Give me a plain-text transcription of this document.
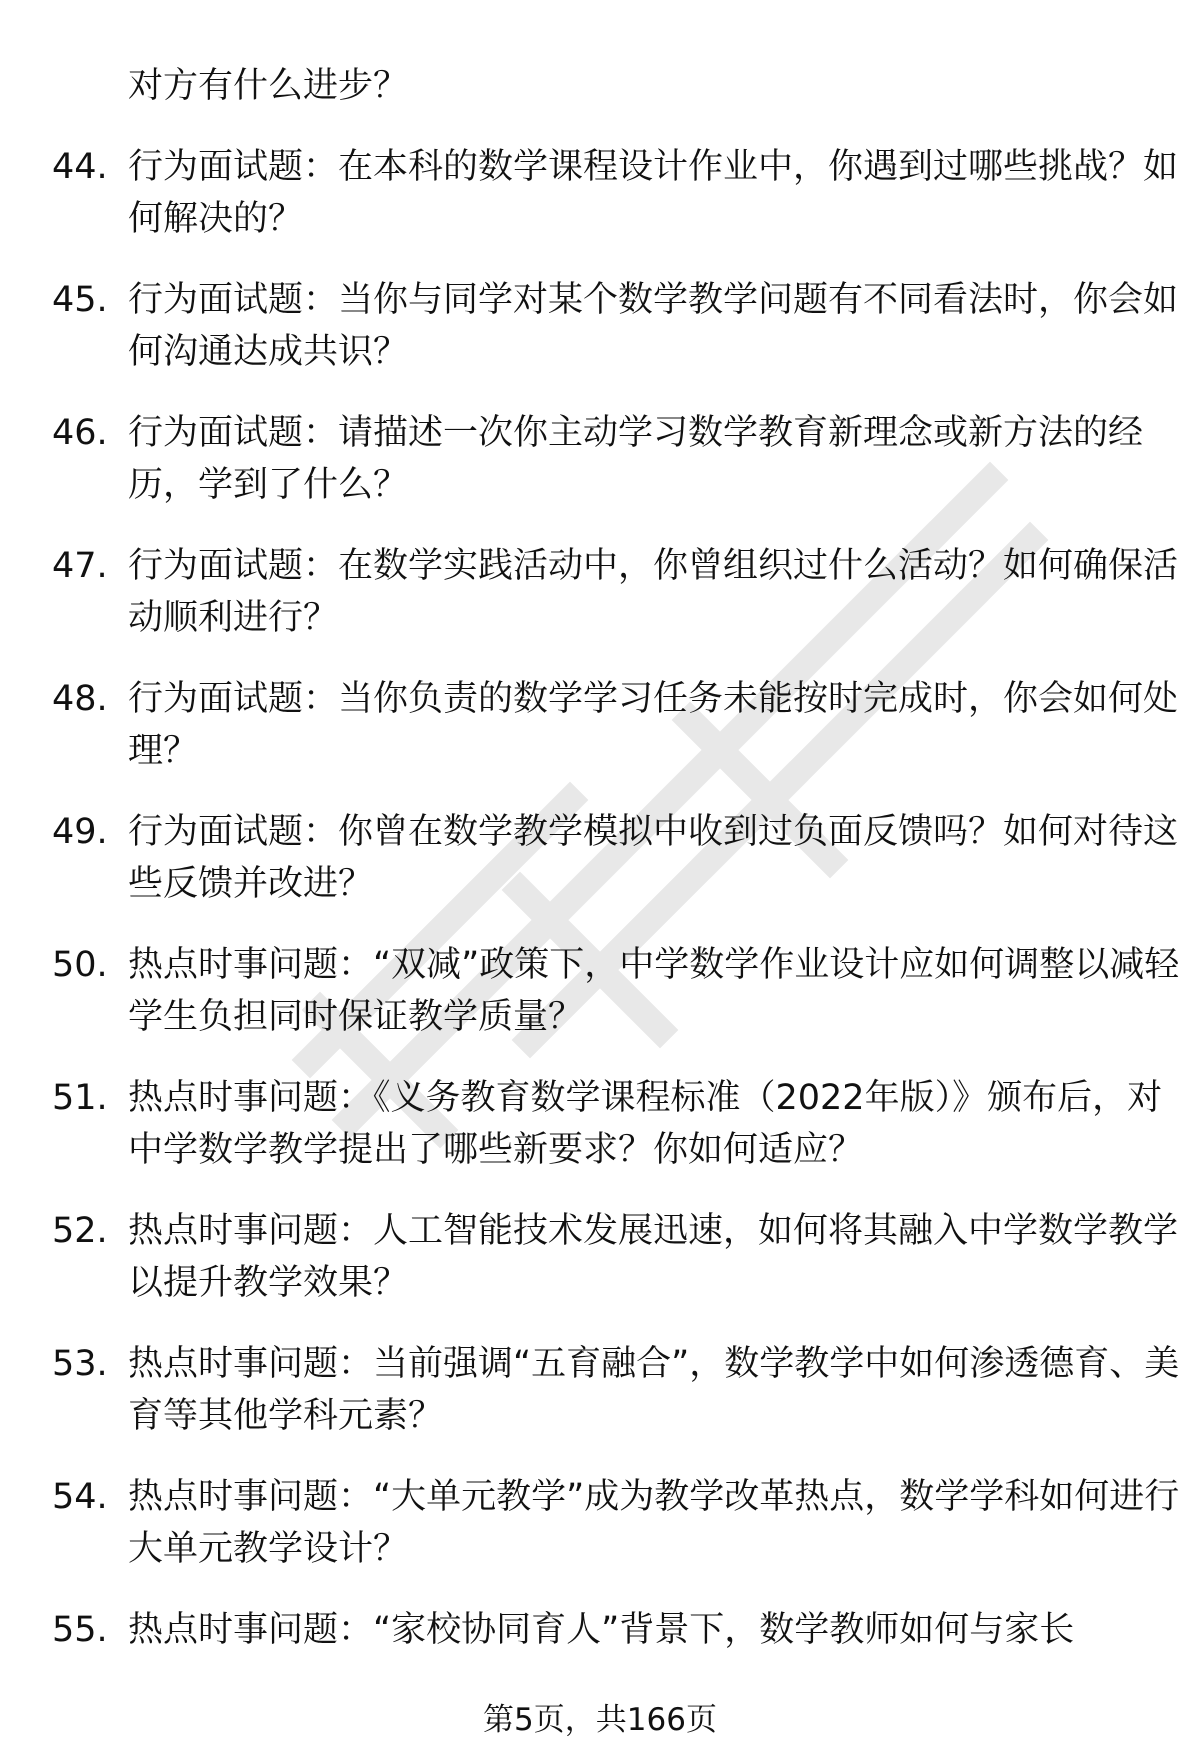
对方有什么进步？
44. 行为面试题：在本科的数学课程设计作业中，你遇到过哪些挑战？如何解决的？
45. 行为面试题：当你与同学对某个数学教学问题有不同看法时，你会如何沟通达成共识？
46. 行为面试题：请描述一次你主动学习数学教育新理念或新方法的经历，学到了什么？
47. 行为面试题：在数学实践活动中，你曾组织过什么活动？如何确保活动顺利进行？
48. 行为面试题：当你负责的数学学习任务未能按时完成时，你会如何处理？
49. 行为面试题：你曾在数学教学模拟中收到过负面反馈吗？如何对待这些反馈并改进？
50. 热点时事问题：“双减”政策下，中学数学作业设计应如何调整以减轻学生负担同时保证教学质量？
51. 热点时事问题：《义务教育数学课程标准（2022年版）》颁布后，对中学数学教学提出了哪些新要求？你如何适应？
52. 热点时事问题：人工智能技术发展迅速，如何将其融入中学数学教学以提升教学效果？
53. 热点时事问题：当前强调“五育融合”，数学教学中如何渗透德育、美育等其他学科元素？
54. 热点时事问题：“大单元教学”成为教学改革热点，数学学科如何进行大单元教学设计？
55. 热点时事问题：“家校协同育人”背景下，数学教师如何与家长
第5页，共166页
